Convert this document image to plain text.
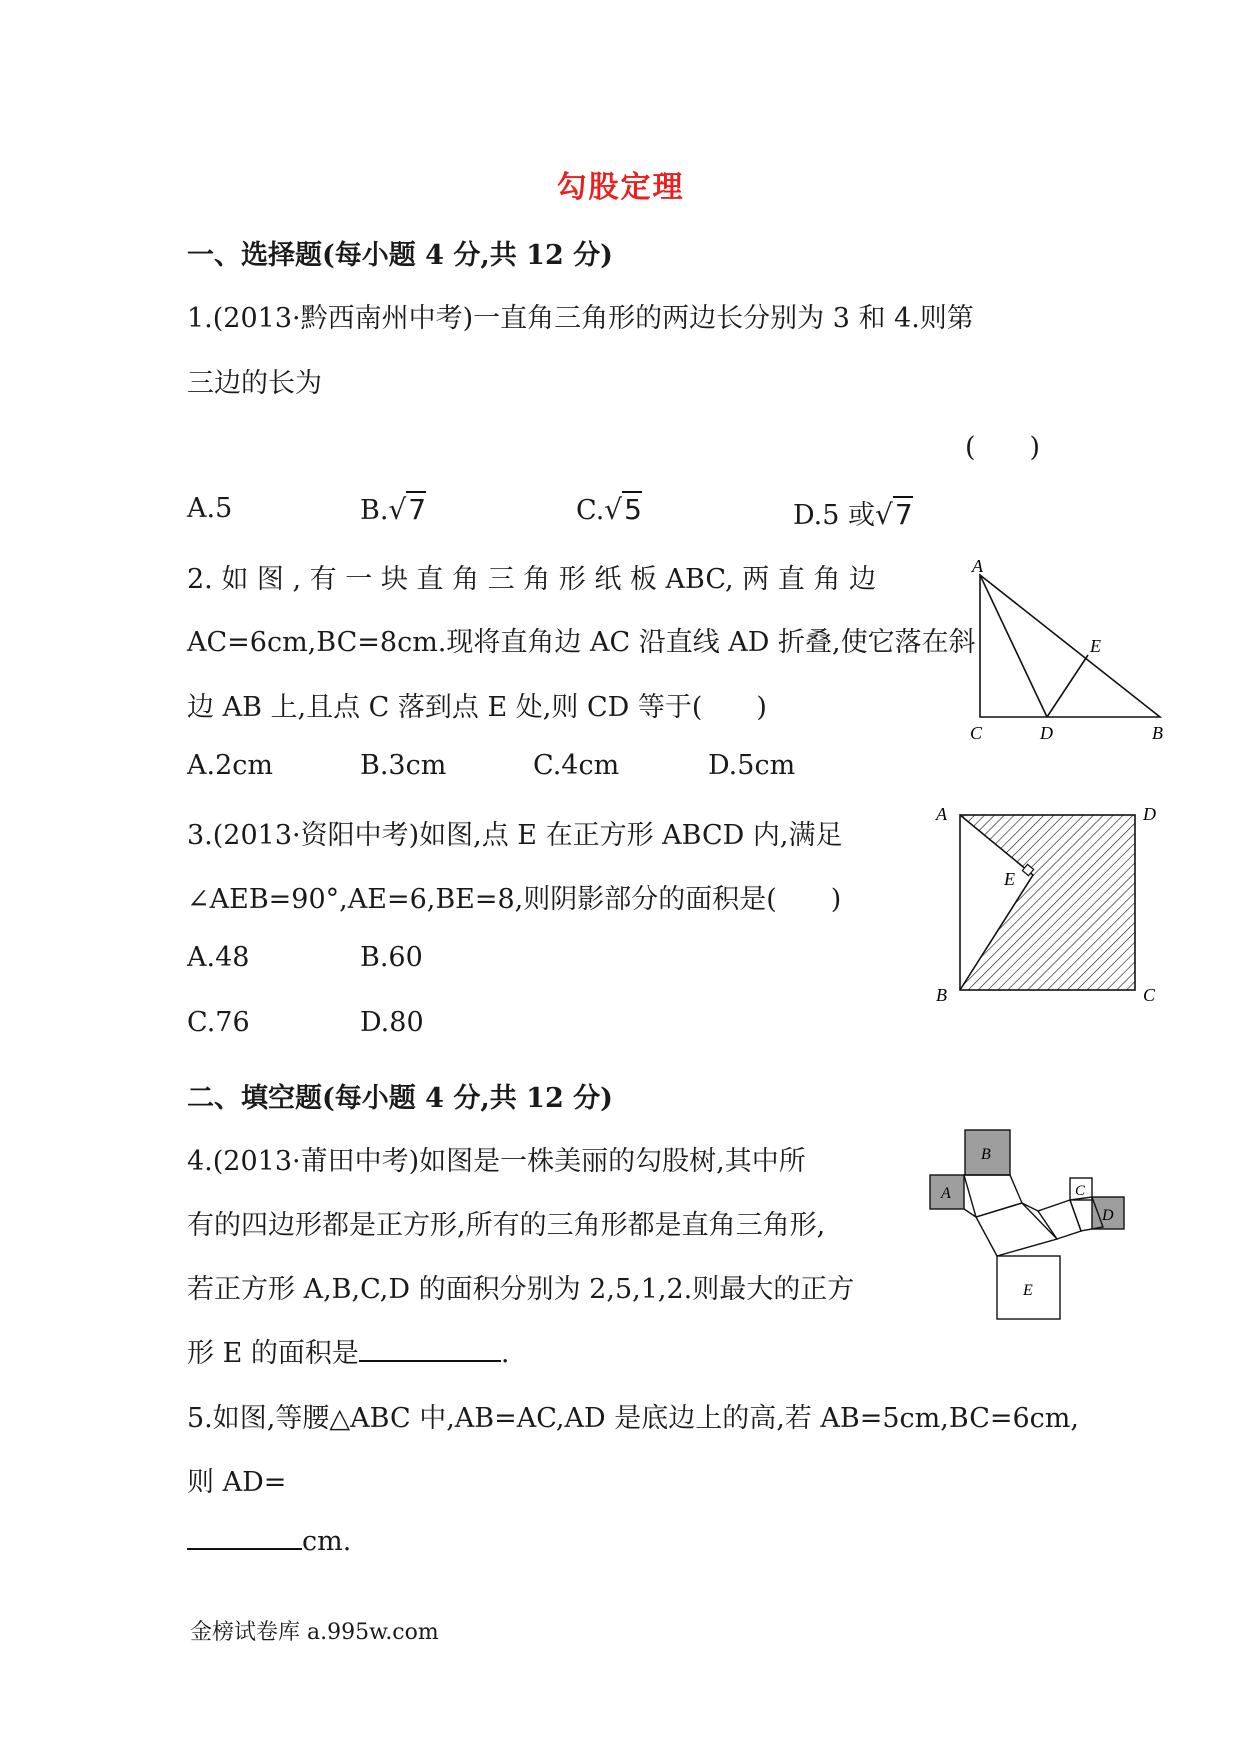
勾股定理
一、选择题(每小题 4 分,共 12 分)
1.(2013·黔西南州中考)一直角三角形的两边长分别为 3 和 4.则第
三边的长为
(　　)
A.5	B.√7	C.√5	D.5 或√7
2. 如 图 , 有 一 块 直 角 三 角 形 纸 板 ABC, 两 直 角 边
AC=6cm,BC=8cm.现将直角边 AC 沿直线 AD 折叠,使它落在斜
边 AB 上,且点 C 落到点 E 处,则 CD 等于(　　)
A.2cm	B.3cm	C.4cm	D.5cm
A
E
C	D	B
3.(2013·资阳中考)如图,点 E 在正方形 ABCD 内,满足
∠AEB=90°,AE=6,BE=8,则阴影部分的面积是(　　)
A.48	B.60
C.76	D.80
A	D
E
B	C
二、填空题(每小题 4 分,共 12 分)
4.(2013·莆田中考)如图是一株美丽的勾股树,其中所
有的四边形都是正方形,所有的三角形都是直角三角形,
若正方形 A,B,C,D 的面积分别为 2,5,1,2.则最大的正方
形 E 的面积是	.
B
A	C
D
E
5.如图,等腰△ABC 中,AB=AC,AD 是底边上的高,若 AB=5cm,BC=6cm,
则 AD=
cm.
金榜试卷库 a.995w.com
